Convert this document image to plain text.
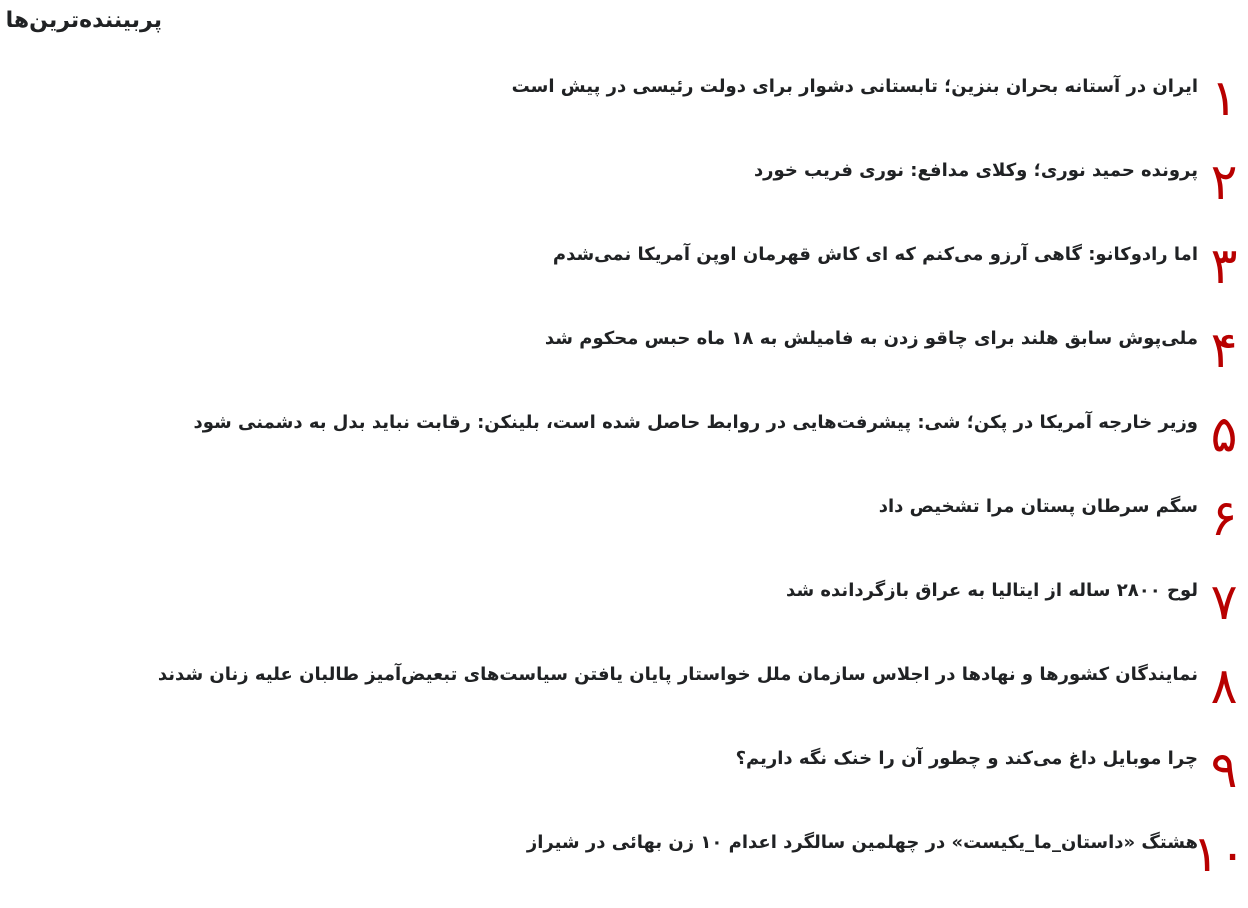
پربیننده‌ترین‌ها
۱
ایران در آستانه بحران بنزین؛ تابستانی دشوار برای دولت رئیسی در پیش است
۲
پرونده حمید نوری؛ وکلای مدافع: نوری فریب خورد
۳
اما رادوکانو: گاهی آرزو می‌کنم که ای کاش قهرمان اوپن آمریکا نمی‌شدم
۴
ملی‌پوش سابق هلند برای چاقو زدن به فامیلش به ۱۸ ماه حبس محکوم شد
۵
وزیر خارجه آمریکا در پکن؛ شی: پیشرفت‌هایی در روابط حاصل شده است، بلینکن: رقابت نباید بدل به دشمنی شود
۶
سگم سرطان پستان مرا تشخیص داد
۷
لوح ۲۸۰۰ ساله از ایتالیا به عراق بازگردانده شد
۸
نمایندگان کشورها و نهادها در اجلاس سازمان ملل خواستار پایان یافتن سیاست‌های تبعیض‌آمیز طالبان علیه زنان شدند
۹
چرا موبایل داغ می‌کند و چطور آن را خنک نگه داریم؟
۱۰
هشتگ «داستان_ما_یکیست» در چهلمین سالگرد اعدام ۱۰ زن بهائی در شیراز
